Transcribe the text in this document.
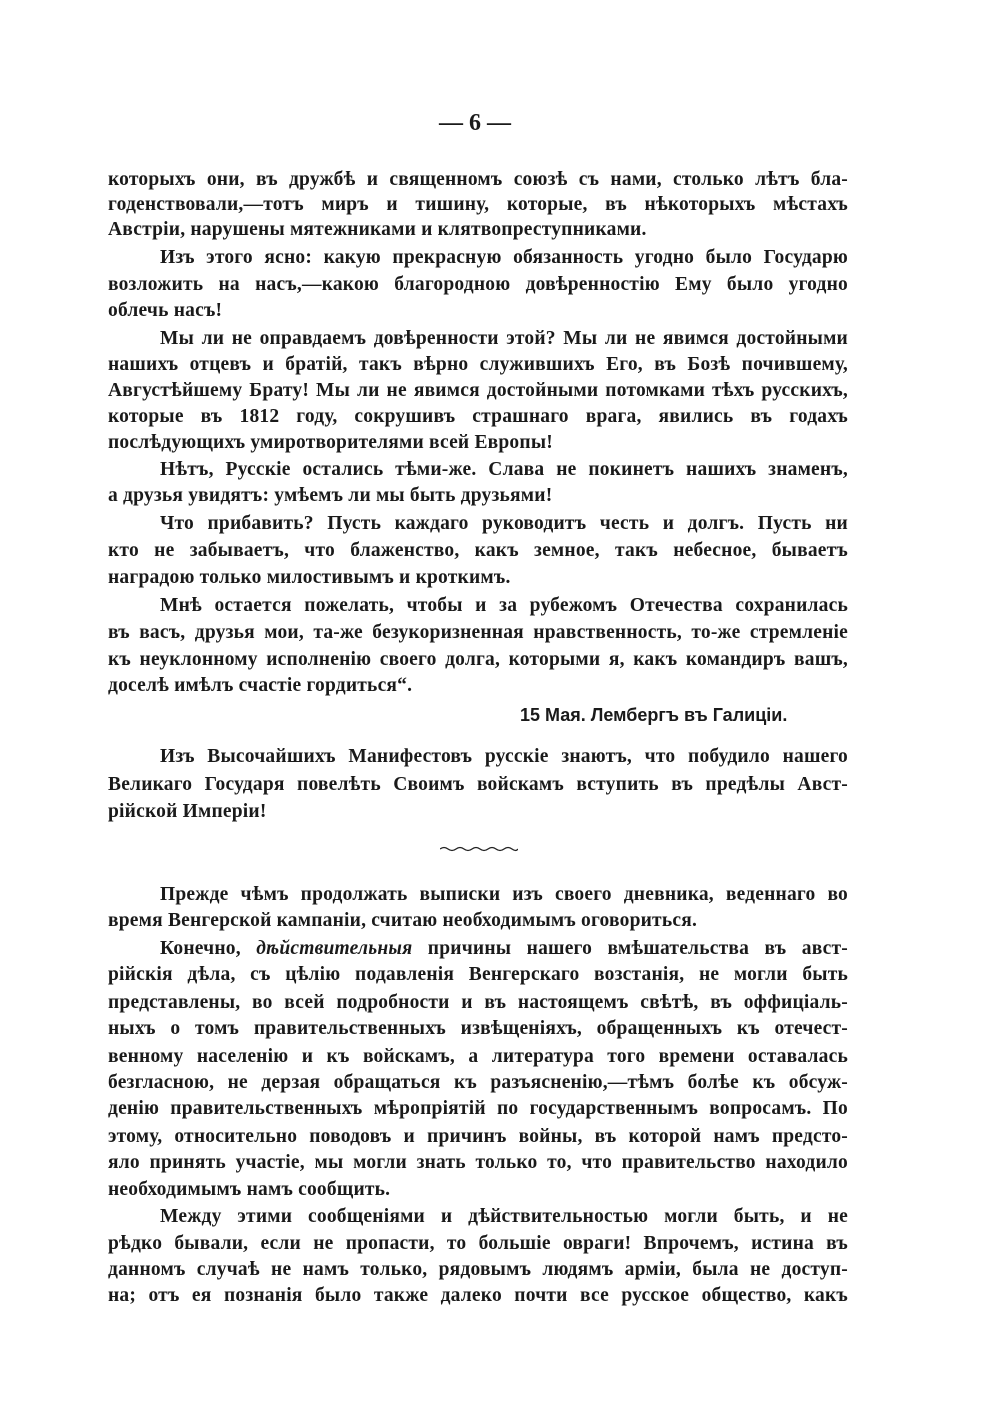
— 6 —
которыхъ они, въ дружбѣ и священномъ союзѣ съ нами, столько лѣтъ бла-
годенствовали,—тотъ миръ и тишину, которые, въ нѣкоторыхъ мѣстахъ
Австріи, нарушены мятежниками и клятвопреступниками.
Изъ этого ясно: какую прекрасную обязанность угодно было Государю
возложить на насъ,—какою благородною довѣренностію Ему было угодно
облечь насъ!
Мы ли не оправдаемъ довѣренности этой? Мы ли не явимся достойными
нашихъ отцевъ и братій, такъ вѣрно служившихъ Его, въ Бозѣ почившему,
Августѣйшему Брату! Мы ли не явимся достойными потомками тѣхъ русскихъ,
которые въ 1812 году, сокрушивъ страшнаго врага, явились въ годахъ
послѣдующихъ умиротворителями всей Европы!
Нѣтъ, Русскіе остались тѣми-же. Слава не покинетъ нашихъ знаменъ,
а друзья увидятъ: умѣемъ ли мы быть друзьями!
Что прибавить? Пусть каждаго руководитъ честь и долгъ. Пусть ни
кто не забываетъ, что блаженство, какъ земное, такъ небесное, бываетъ
наградою только милостивымъ и кроткимъ.
Мнѣ остается пожелать, чтобы и за рубежомъ Отечества сохранилась
въ васъ, друзья мои, та-же безукоризненная нравственность, то-же стремленіе
къ неуклонному исполненію своего долга, которыми я, какъ командиръ вашъ,
доселѣ имѣлъ счастіе гордиться“.
Изъ Высочайшихъ Манифестовъ русскіе знаютъ, что побудило нашего
Великаго Государя повелѣть Своимъ войскамъ вступить въ предѣлы Авст-
рійской Имперіи!
Прежде чѣмъ продолжать выписки изъ своего дневника, веденнаго во
время Венгерской кампаніи, считаю необходимымъ оговориться.
Конечно, дѣйствительныя причины нашего вмѣшательства въ авст-
рійскія дѣла, съ цѣлію подавленія Венгерскаго возстанія, не могли быть
представлены, во всей подробности и въ настоящемъ свѣтѣ, въ оффиціаль-
ныхъ о томъ правительственныхъ извѣщеніяхъ, обращенныхъ къ отечест-
венному населенію и къ войскамъ, а литература того времени оставалась
безгласною, не дерзая обращаться къ разъясненію,—тѣмъ болѣе къ обсуж-
денію правительственныхъ мѣропріятій по государственнымъ вопросамъ. По
этому, относительно поводовъ и причинъ войны, въ которой намъ предсто-
яло принять участіе, мы могли знать только то, что правительство находило
необходимымъ намъ сообщить.
Между этими сообщеніями и дѣйствительностью могли быть, и не
рѣдко бывали, если не пропасти, то большіе овраги! Впрочемъ, истина въ
данномъ случаѣ не намъ только, рядовымъ людямъ арміи, была не доступ-
на; отъ ея познанія было также далеко почти все русское общество, какъ
15 Мая. Лембергъ въ Галиціи.
